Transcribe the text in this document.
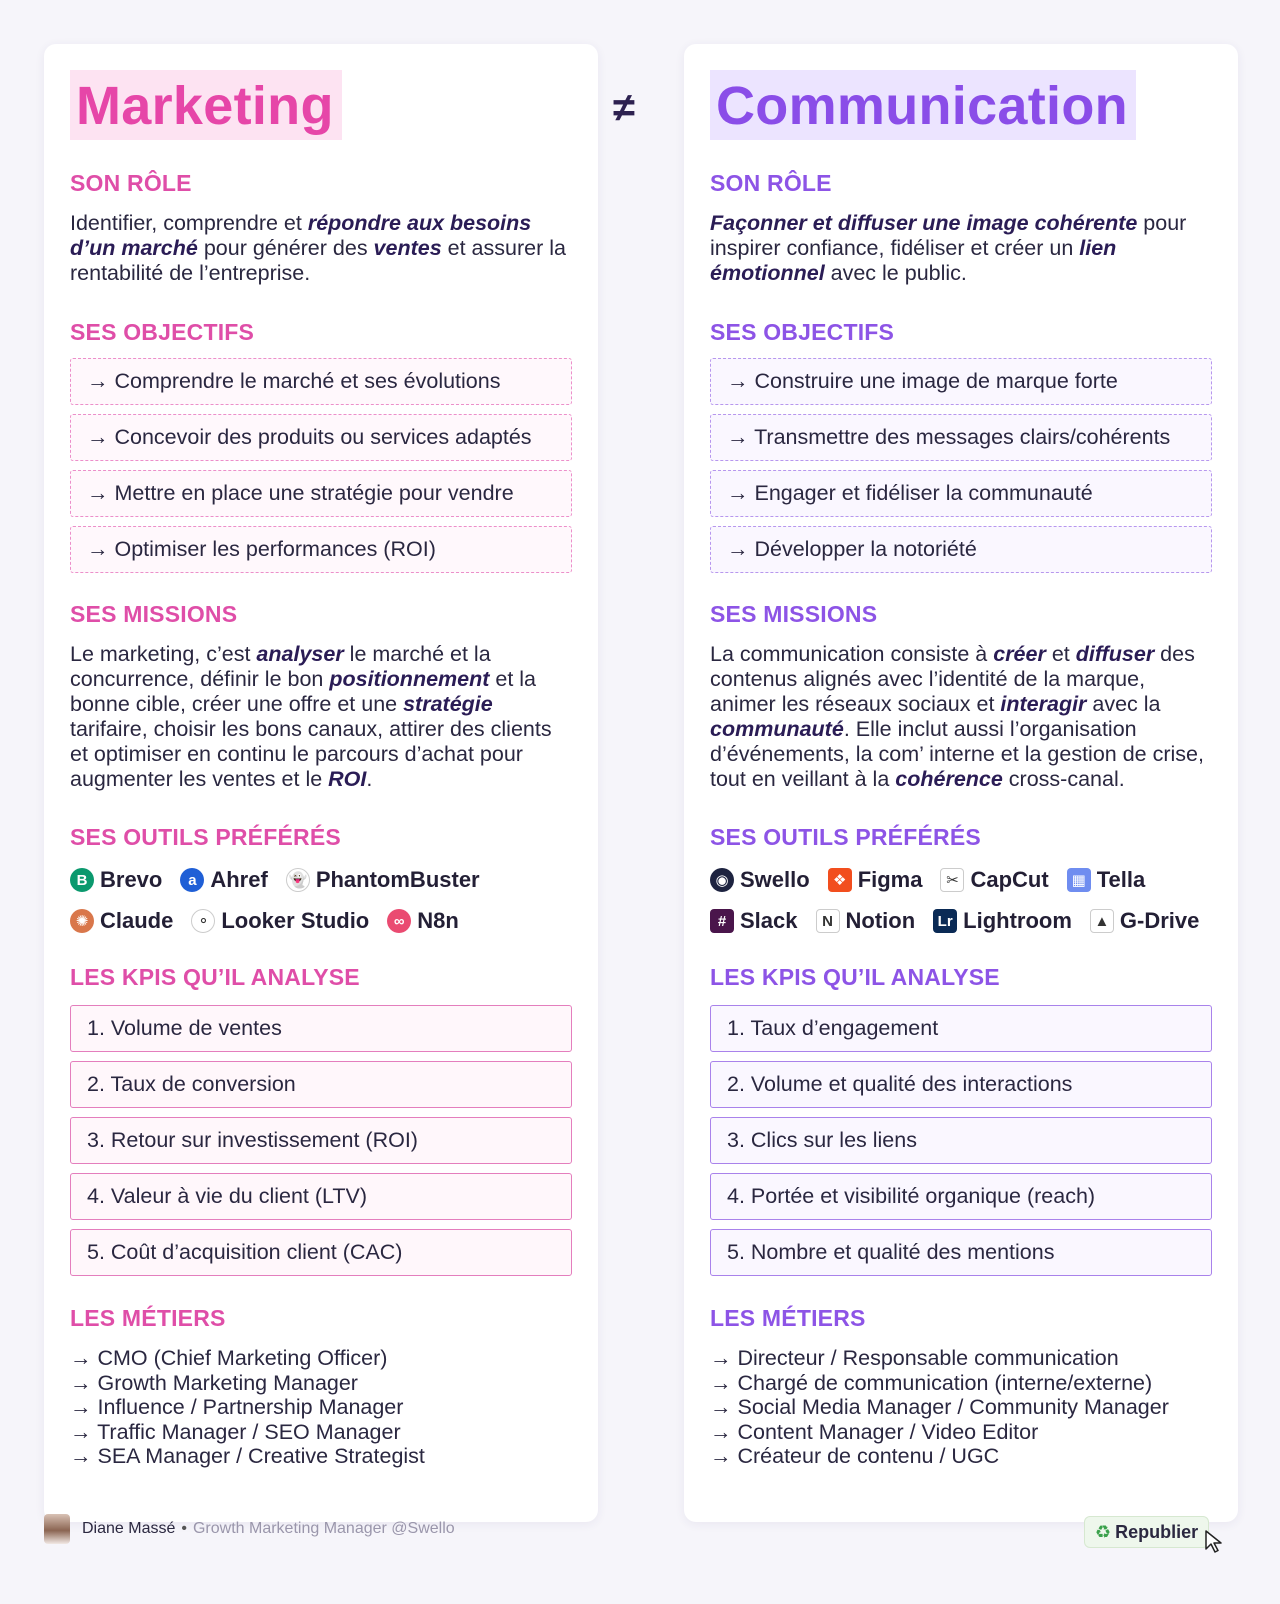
Marketing
SON RÔLE
Identifier, comprendre et répondre aux besoins d’un marché pour générer des ventes et assurer la rentabilité de l’entreprise.
SES OBJECTIFS
→ Comprendre le marché et ses évolutions
→ Concevoir des produits ou services adaptés
→ Mettre en place une stratégie pour vendre
→ Optimiser les performances (ROI)
SES MISSIONS
Le marketing, c’est analyser le marché et la concurrence, définir le bon positionnement et la bonne cible, créer une offre et une stratégie tarifaire, choisir les bons canaux, attirer des clients et optimiser en continu le parcours d’achat pour augmenter les ventes et le ROI.
SES OUTILS PRÉFÉRÉS
B Brevo	a Ahref 👻 PhantomBuster
✺ Claude	⚬ Looker Studio	∞ N8n
LES KPIS QU’IL ANALYSE
1. Volume de ventes
2. Taux de conversion
3. Retour sur investissement (ROI)
4. Valeur à vie du client (LTV)
5. Coût d’acquisition client (CAC)
LES MÉTIERS
→ CMO (Chief Marketing Officer)
→ Growth Marketing Manager
→ Influence / Partnership Manager
→ Traffic Manager / SEO Manager
→ SEA Manager / Creative Strategist
≠ Communication
SON RÔLE
Façonner et diffuser une image cohérente pour inspirer confiance, fidéliser et créer un lien émotionnel avec le public.
SES OBJECTIFS
→ Construire une image de marque forte
→ Transmettre des messages clairs/cohérents
→ Engager et fidéliser la communauté
→ Développer la notoriété
SES MISSIONS
La communication consiste à créer et diffuser des contenus alignés avec l’identité de la marque, animer les réseaux sociaux et interagir avec la communauté. Elle inclut aussi l’organisation d’événements, la com’ interne et la gestion de crise, tout en veillant à la cohérence cross-canal.
SES OUTILS PRÉFÉRÉS
◉ Swello	❖ Figma	✂ CapCut	▦ Tella
# Slack	N Notion	Lr Lightroom	▲ G-Drive
LES KPIS QU’IL ANALYSE
1. Taux d’engagement
2. Volume et qualité des interactions
3. Clics sur les liens
4. Portée et visibilité organique (reach)
5. Nombre et qualité des mentions
LES MÉTIERS
→ Directeur / Responsable communication
→ Chargé de communication (interne/externe)
→ Social Media Manager / Community Manager
→ Content Manager / Video Editor
→ Créateur de contenu / UGC
Diane Massé • Growth Marketing Manager @Swello	♻ Republier
